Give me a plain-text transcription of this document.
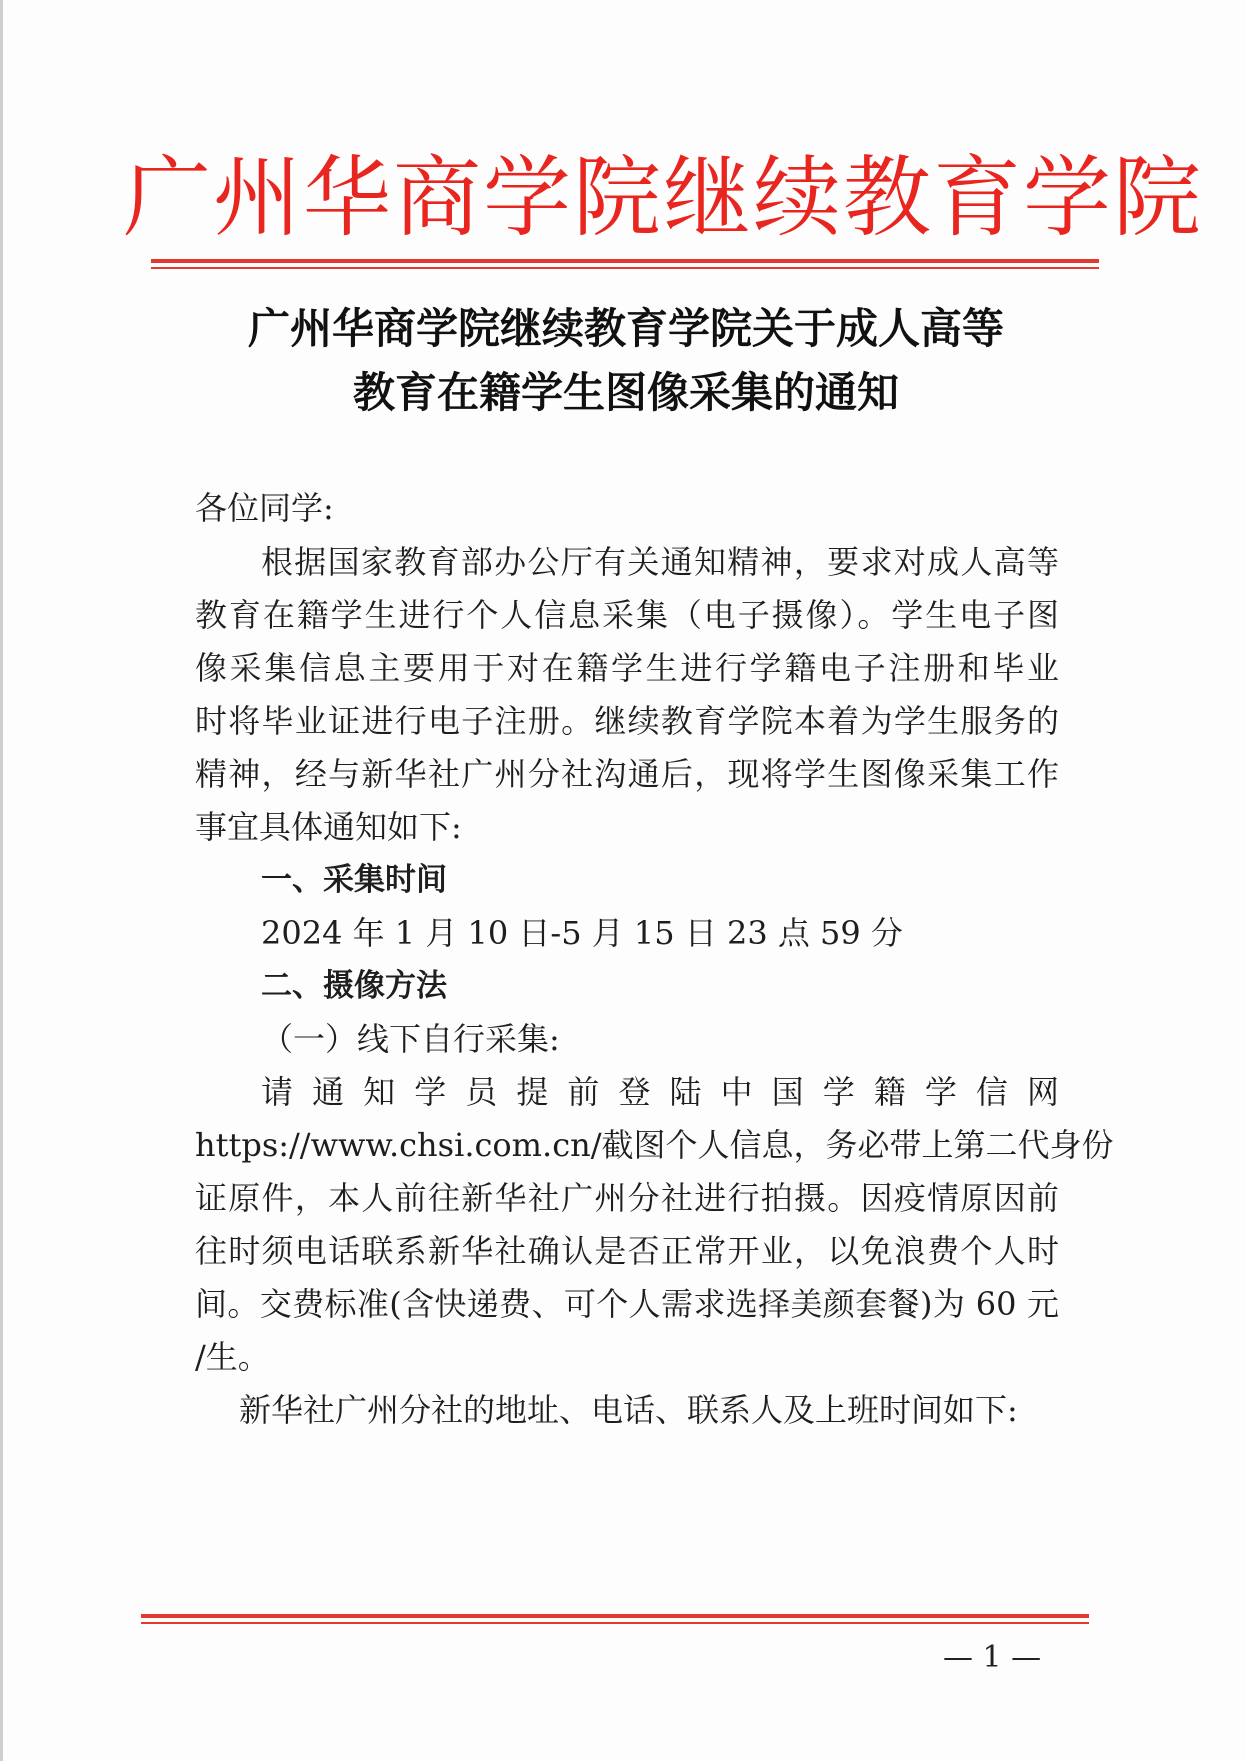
广州华商学院继续教育学院
广州华商学院继续教育学院关于成人高等
教育在籍学生图像采集的通知
各位同学:
根据国家教育部办公厅有关通知精神，要求对成人高等
教育在籍学生进行个人信息采集（电子摄像）。学生电子图
像采集信息主要用于对在籍学生进行学籍电子注册和毕业
时将毕业证进行电子注册。继续教育学院本着为学生服务的
精神，经与新华社广州分社沟通后，现将学生图像采集工作
事宜具体通知如下:
一、采集时间
2024 年 1 月 10 日-5 月 15 日 23 点 59 分
二、摄像方法
（一）线下自行采集:
请通知学员提前登陆中国学籍学信网
https://www.chsi.com.cn/截图个人信息，务必带上第二代身份
证原件，本人前往新华社广州分社进行拍摄。因疫情原因前
往时须电话联系新华社确认是否正常开业，以免浪费个人时
间。交费标准(含快递费、可个人需求选择美颜套餐)为 60 元
/生。
新华社广州分社的地址、电话、联系人及上班时间如下:
— 1 —
